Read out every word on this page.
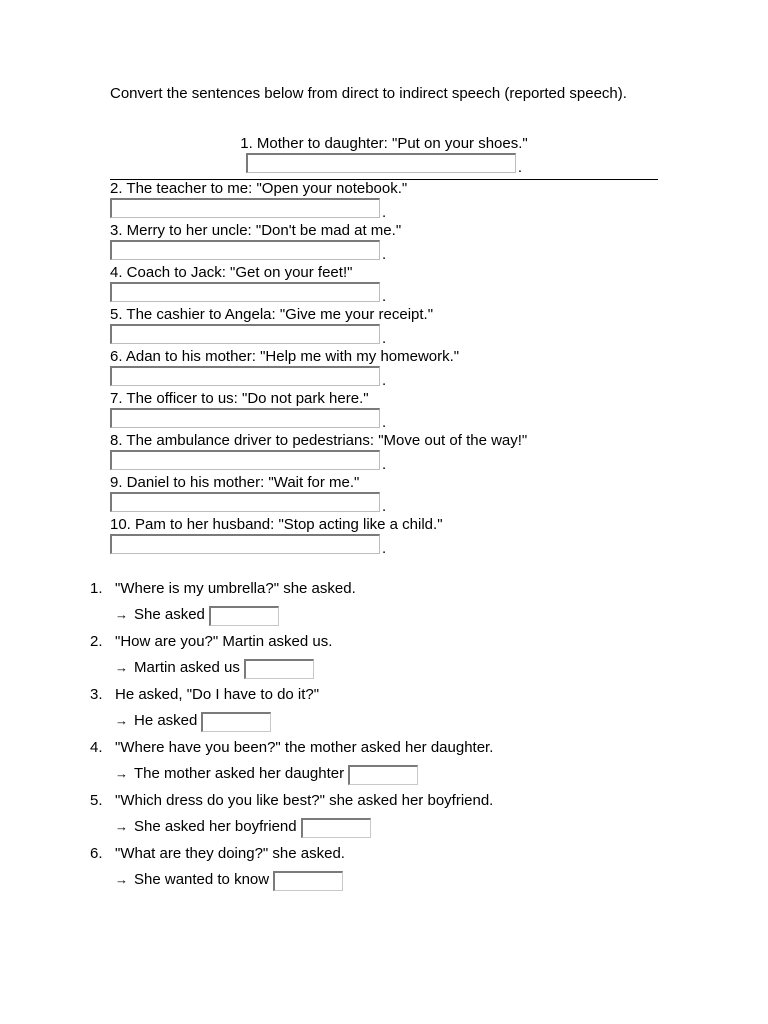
Convert the sentences below from direct to indirect speech (reported speech).
1. Mother to daughter: "Put on your shoes."
.
2. The teacher to me: "Open your notebook."
.
3. Merry to her uncle: "Don't be mad at me."
.
4. Coach to Jack: "Get on your feet!"
.
5. The cashier to Angela: "Give me your receipt."
.
6. Adan to his mother: "Help me with my homework."
.
7. The officer to us: "Do not park here."
.
8. The ambulance driver to pedestrians: "Move out of the way!"
.
9. Daniel to his mother: "Wait for me."
.
10. Pam to her husband: "Stop acting like a child."
.
1. "Where is my umbrella?" she asked.
→ She asked
2. "How are you?" Martin asked us.
→ Martin asked us
3. He asked, "Do I have to do it?"
→ He asked
4. "Where have you been?" the mother asked her daughter.
→ The mother asked her daughter
5. "Which dress do you like best?" she asked her boyfriend.
→ She asked her boyfriend
6. "What are they doing?" she asked.
→ She wanted to know
